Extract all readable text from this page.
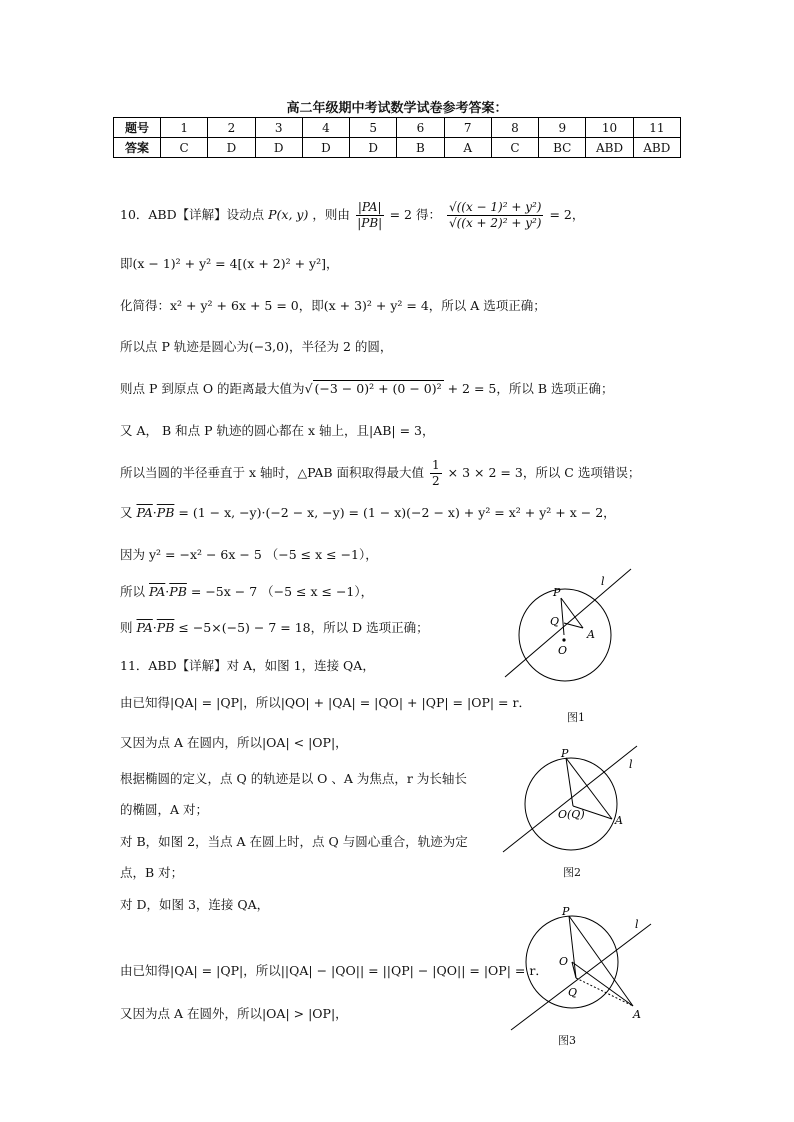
高二年级期中考试数学试卷参考答案：
题号	1	2	3	4	5	6	7	8	9	10	11
答案	C	D	D	D	D	B	A	C	BC	ABD	ABD
10．ABD【详解】设动点 P(x, y) ，则由 $\frac{|PA|}{|PB|} = 2$ 得： $\frac{\text{√((x − 1)² + y²)}}{\text{√((x + 2)² + y²)}} = 2$，
即(x − 1)² + y² = 4[(x + 2)² + y²]，
化简得：x² + y² + 6x + 5 = 0，即(x + 3)² + y² = 4，所以 A 选项正确；
所以点 P 轨迹是圆心为(−3,0)，半径为 2 的圆，
则点 P 到原点 O 的距离最大值为√ (−3 − 0)² + (0 − 0)² + 2 = 5，所以 B 选项正确；
又 A， B 和点 P 轨迹的圆心都在 x 轴上，且|AB| = 3，
所以当圆的半径垂直于 x 轴时，△PAB 面积取得最大值 $\frac{1}{2} \times 3 \times 2 = 3$，所以 C 选项错误；
又 $\overline{PA}\cdot\overline{PB} = (1 - x$, −y)·(−2 − x, −y) = (1 − x)(−2 − x) + y² = x² + y² + x − 2，
因为 y² = −x² − 6x − 5 （−5 ≤ x ≤ −1），
所以 $\overline{PA}\cdot\overline{PB} = -5x - 7$ （−5 ≤ x ≤ −1），
则 $\overline{PA}\cdot\overline{PB} \le -5\times(-5) - 7 = 18$，所以 D 选项正确；
11．ABD【详解】对 A，如图 1，连接 QA，
由已知得|QA| = |QP|，所以|QO| + |QA| = |QO| + |QP| = |OP| = r．
又因为点 A 在圆内，所以|OA| < |OP|，
根据椭圆的定义，点 Q 的轨迹是以 O 、A 为焦点，r 为长轴长
的椭圆，A 对；
对 B，如图 2，当点 A 在圆上时，点 Q 与圆心重合，轨迹为定
点，B 对；
对 D，如图 3，连接 QA，
由已知得|QA| = |QP|，所以||QA| − |QO|| = ||QP| − |QO|| = |OP| = r．
又因为点 A 在圆外，所以|OA| > |OP|，
P
Q
A
O
l
图1
P
O(Q)	A
l
图2
P
O
Q
A
l
图3
